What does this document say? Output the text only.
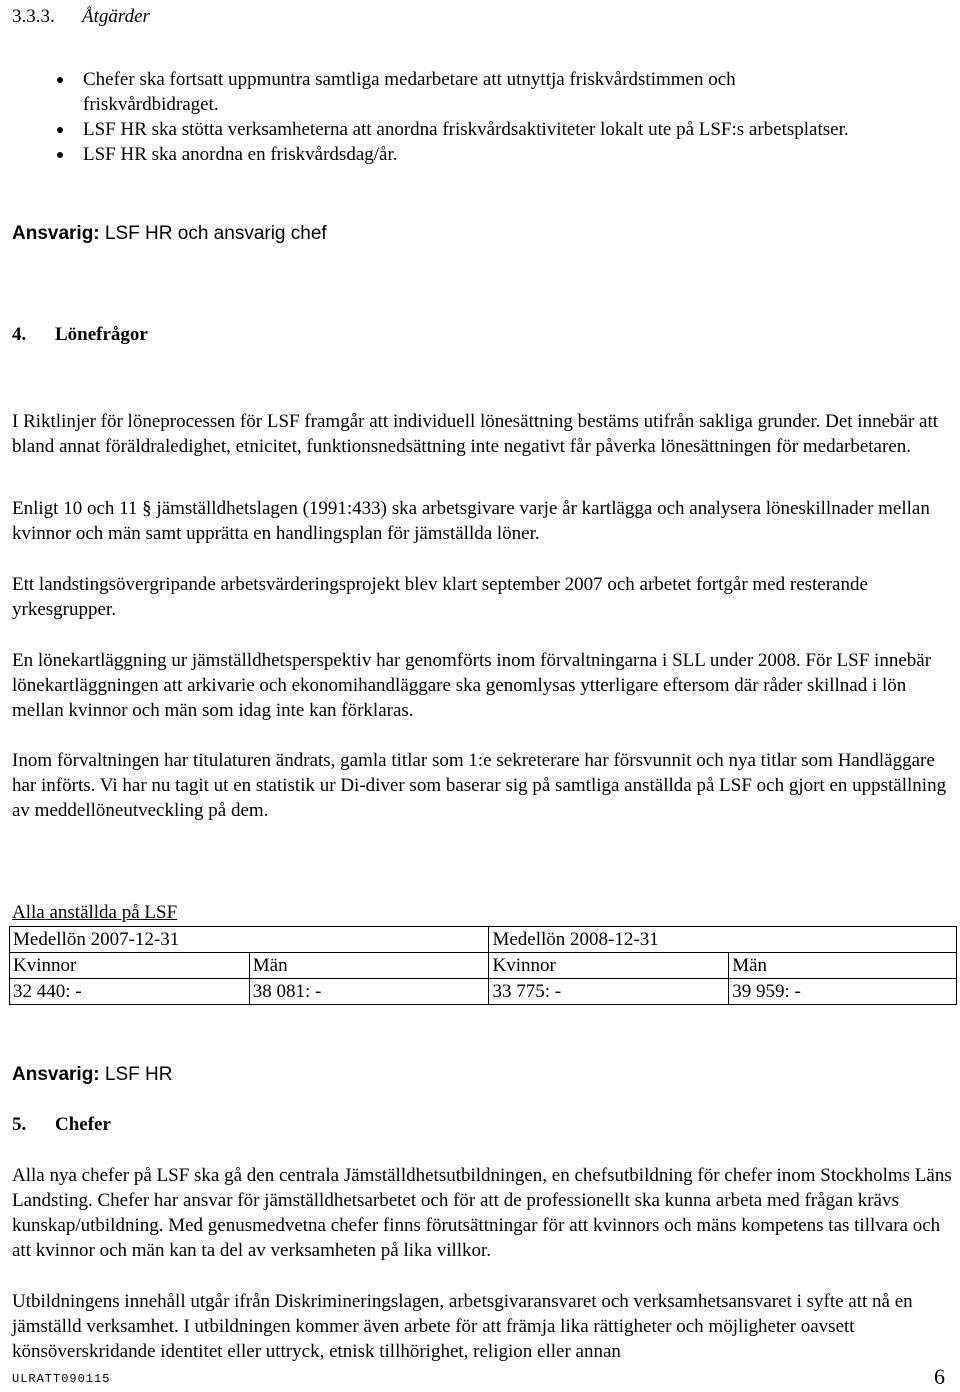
3.3.3. Åtgärder
Chefer ska fortsatt uppmuntra samtliga medarbetare att utnyttja friskvårdstimmen och friskvårdbidraget.
LSF HR ska stötta verksamheterna att anordna friskvårdsaktiviteter lokalt ute på LSF:s arbetsplatser.
LSF HR ska anordna en friskvårdsdag/år.
Ansvarig: LSF HR och ansvarig chef
4. Lönefrågor

I Riktlinjer för löneprocessen för LSF framgår att individuell lönesättning bestäms utifrån sakliga grunder. Det innebär att bland annat föräldraledighet, etnicitet, funktionsnedsättning inte negativt får påverka lönesättningen för medarbetaren.

Enligt 10 och 11 § jämställdhetslagen (1991:433) ska arbetsgivare varje år kartlägga och analysera löneskillnader mellan kvinnor och män samt upprätta en handlingsplan för jämställda löner.

Ett landstingsövergripande arbetsvärderingsprojekt blev klart september 2007 och arbetet fortgår med resterande yrkesgrupper.

En lönekartläggning ur jämställdhetsperspektiv har genomförts inom förvaltningarna i SLL under 2008. För LSF innebär lönekartläggningen att arkivarie och ekonomihandläggare ska genomlysas ytterligare eftersom där råder skillnad i lön mellan kvinnor och män som idag inte kan förklaras.

Inom förvaltningen har titulaturen ändrats, gamla titlar som 1:e sekreterare har försvunnit och nya titlar som Handläggare har införts. Vi har nu tagit ut en statistik ur Di-diver som baserar sig på samtliga anställda på LSF och gjort en uppställning av meddellöneutveckling på dem.

Alla anställda på LSF
Medellön 2007-12-31		Medellön 2008-12-31	
Kvinnor	Män	Kvinnor	Män
32 440: -	38 081: -	33 775: -	39 959: -
Ansvarig: LSF HR
5. Chefer

Alla nya chefer på LSF ska gå den centrala Jämställdhetsutbildningen, en chefsutbildning för chefer inom Stockholms Läns Landsting. Chefer har ansvar för jämställdhetsarbetet och för att de professionellt ska kunna arbeta med frågan krävs kunskap/utbildning. Med genusmedvetna chefer finns förutsättningar för att kvinnors och mäns kompetens tas tillvara och att kvinnor och män kan ta del av verksamheten på lika villkor.

Utbildningens innehåll utgår ifrån Diskrimineringslagen, arbetsgivaransvaret och verksamhetsansvaret i syfte att nå en jämställd verksamhet. I utbildningen kommer även arbete för att främja lika rättigheter och möjligheter oavsett könsöverskridande identitet eller uttryck, etnisk tillhörighet, religion eller annan

ULRATT090115	6
